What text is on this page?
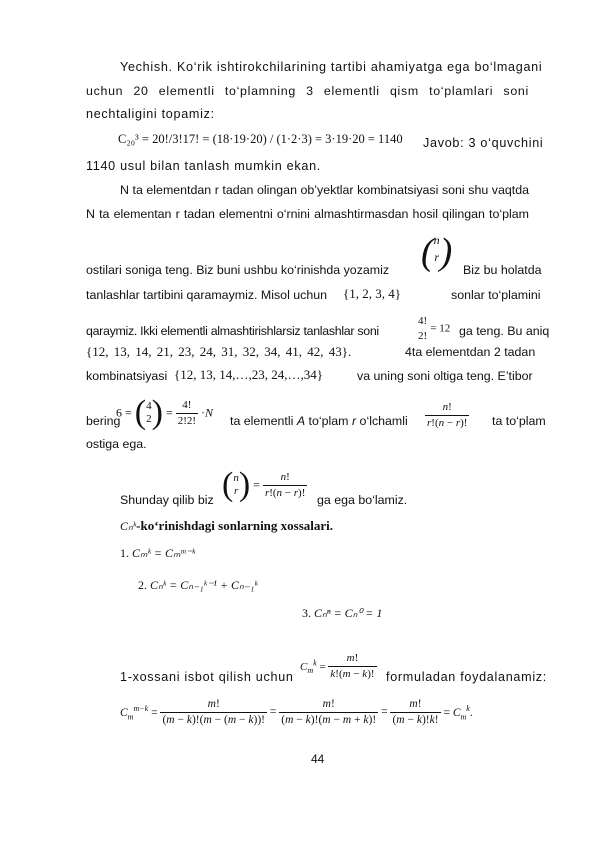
Yechish. Ko‘rik ishtirokchilarining tartibi ahamiyatga ega bo‘lmagani
uchun 20 elementli to‘plamning 3 elementli qism to‘plamlari soni
nechtaligini topamiz:
C₂₀³ = 20!/3!17! = (18·19·20) / (1·2·3) = 3·19·20 = 1140 Javob: 3 o‘quvchini
1140 usul bilan tanlash mumkin ekan.
N ta elementdan r tadan olingan ob’yektlar kombinatsiyasi soni shu vaqtda
N ta elementan r tadan elementni o‘rnini almashtirmasdan hosil qilingan to‘plam
ostilari soniga teng. Biz buni ushbu ko‘rinishda yozamiz ( n
r ) Biz bu holatda
tanlashlar tartibini qaramaymiz. Misol uchun {1, 2, 3, 4}	sonlar to‘plamini
qaraymiz. Ikki elementli almashtirishlarsiz tanlashlar soni
4!
2!
= 12 ga teng. Bu aniq
{12, 13, 14, 21, 23, 24, 31, 32, 34, 41, 42, 43}.	4ta elementdan 2 tadan
kombinatsiyasi {12, 13, 14,…,23, 24,…,34}	va uning soni oltiga teng. E’tibor
bering
6 = ( 4
2 ) = $\frac{4!}{2!2!} \cdot N$
ta elementli A to‘plam r o‘lchamli $\frac{n!}{r!(n - r)!}$ ta to‘plam
ostiga ega.
Shunday qilib biz ( n
r ) = $\frac{n!}{r!(n - r)!}$ ga ega bo‘lamiz.
Cₙᵏ-ko‘rinishdagi sonlarning xossalari.
1. Cₘᵏ = Cₘᵐ⁻ᵏ
2. Cₙᵏ = Cₙ₋₁ᵏ⁻¹ + Cₙ₋₁ᵏ
3. Cₙⁿ = Cₙ⁰ = 1
1-xossani isbot qilish uchun
$C_m^k = \frac{m!}{k!(m - k)!}$ formuladan foydalanamiz:
$C_m^{m-k} = \frac{m!}{(m - k)!(m - (m - k))!} = \frac{m!}{(m - k)!(m - m + k)!} = \frac{m!}{(m - k)!k!} = C_m^k$.
44
